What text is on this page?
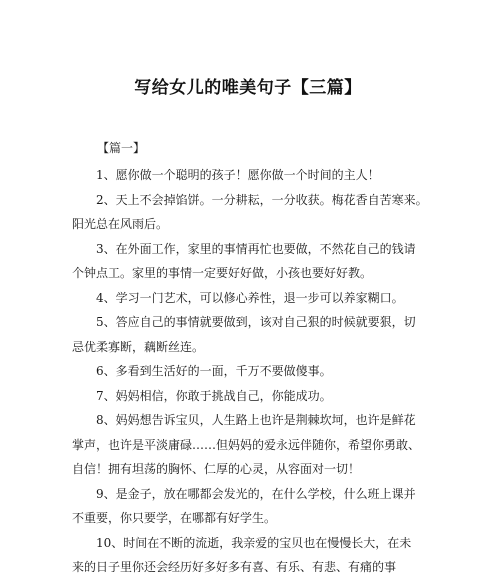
写给女儿的唯美句子【三篇】
【篇一】
1、愿你做一个聪明的孩子！愿你做一个时间的主人！
2、天上不会掉馅饼。一分耕耘，一分收获。梅花香自苦寒来。
阳光总在风雨后。
3、在外面工作，家里的事情再忙也要做，不然花自己的钱请
个钟点工。家里的事情一定要好好做，小孩也要好好教。
4、学习一门艺术，可以修心养性，退一步可以养家糊口。
5、答应自己的事情就要做到，该对自己狠的时候就要狠，切
忌优柔寡断，藕断丝连。
6、多看到生活好的一面，千万不要做傻事。
7、妈妈相信，你敢于挑战自己，你能成功。
8、妈妈想告诉宝贝，人生路上也许是荆棘坎坷，也许是鲜花
掌声，也许是平淡庸碌……但妈妈的爱永远伴随你，希望你勇敢、
自信！拥有坦荡的胸怀、仁厚的心灵，从容面对一切！
9、是金子，放在哪都会发光的，在什么学校，什么班上课并
不重要，你只要学，在哪都有好学生。
10、时间在不断的流逝，我亲爱的宝贝也在慢慢长大，在未
来的日子里你还会经历好多好多有喜、有乐、有悲、有痛的事
